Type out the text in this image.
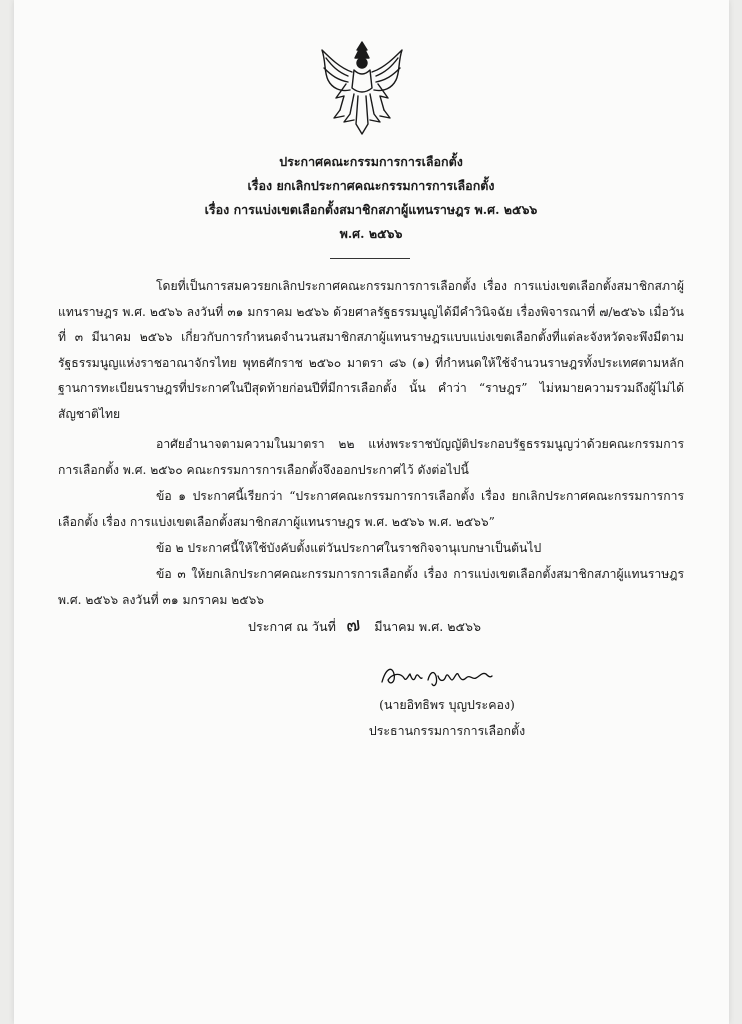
ประกาศคณะกรรมการการเลือกตั้ง
เรื่อง ยกเลิกประกาศคณะกรรมการการเลือกตั้ง
เรื่อง การแบ่งเขตเลือกตั้งสมาชิกสภาผู้แทนราษฎร พ.ศ. ๒๕๖๖
พ.ศ. ๒๕๖๖
โดยที่เป็นการสมควรยกเลิกประกาศคณะกรรมการการเลือกตั้ง เรื่อง การแบ่งเขตเลือกตั้งสมาชิกสภาผู้แทนราษฎร พ.ศ. ๒๕๖๖ ลงวันที่ ๓๑ มกราคม ๒๕๖๖ ด้วยศาลรัฐธรรมนูญได้มีคำวินิจฉัย เรื่องพิจารณาที่ ๗/๒๕๖๖ เมื่อวันที่ ๓ มีนาคม ๒๕๖๖ เกี่ยวกับการกำหนดจำนวนสมาชิกสภาผู้แทนราษฎรแบบแบ่งเขตเลือกตั้งที่แต่ละจังหวัดจะพึงมีตามรัฐธรรมนูญแห่งราชอาณาจักรไทย พุทธศักราช ๒๕๖๐ มาตรา ๘๖ (๑) ที่กำหนดให้ใช้จำนวนราษฎรทั้งประเทศตามหลักฐานการทะเบียนราษฎรที่ประกาศในปีสุดท้ายก่อนปีที่มีการเลือกตั้ง นั้น คำว่า “ราษฎร” ไม่หมายความรวมถึงผู้ไม่ได้สัญชาติไทย
อาศัยอำนาจตามความในมาตรา ๒๒ แห่งพระราชบัญญัติประกอบรัฐธรรมนูญว่าด้วยคณะกรรมการการเลือกตั้ง พ.ศ. ๒๕๖๐ คณะกรรมการการเลือกตั้งจึงออกประกาศไว้ ดังต่อไปนี้
ข้อ ๑ ประกาศนี้เรียกว่า “ประกาศคณะกรรมการการเลือกตั้ง เรื่อง ยกเลิกประกาศคณะกรรมการการเลือกตั้ง เรื่อง การแบ่งเขตเลือกตั้งสมาชิกสภาผู้แทนราษฎร พ.ศ. ๒๕๖๖ พ.ศ. ๒๕๖๖”
ข้อ ๒ ประกาศนี้ให้ใช้บังคับตั้งแต่วันประกาศในราชกิจจานุเบกษาเป็นต้นไป
ข้อ ๓ ให้ยกเลิกประกาศคณะกรรมการการเลือกตั้ง เรื่อง การแบ่งเขตเลือกตั้งสมาชิกสภาผู้แทนราษฎร พ.ศ. ๒๕๖๖ ลงวันที่ ๓๑ มกราคม ๒๕๖๖
ประกาศ ณ วันที่ ๗ มีนาคม พ.ศ. ๒๕๖๖
(นายอิทธิพร บุญประคอง)
ประธานกรรมการการเลือกตั้ง
